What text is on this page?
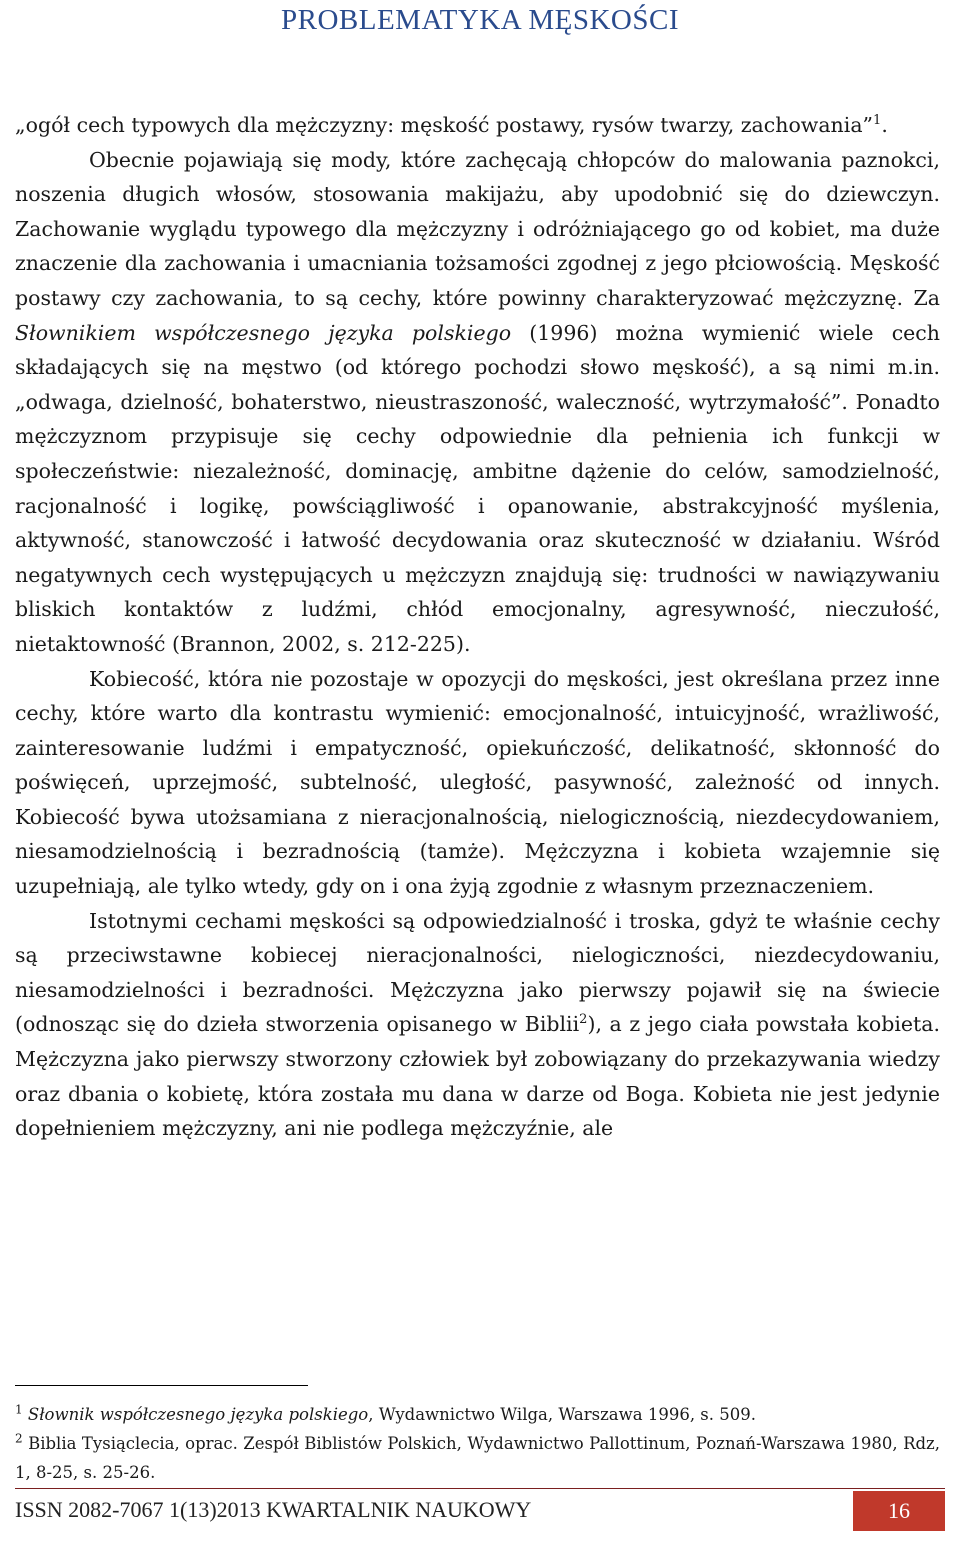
PROBLEMATYKA MĘSKOŚCI

„ogół cech typowych dla mężczyzny: męskość postawy, rysów twarzy, zachowania”$^1$.

Obecnie pojawiają się mody, które zachęcają chłopców do malowania paznokci, noszenia długich włosów, stosowania makijażu, aby upodobnić się do dziewczyn. Zachowanie wyglądu typowego dla mężczyzny i odróżniającego go od kobiet, ma duże znaczenie dla zachowania i umacniania tożsamości zgodnej z jego płciowością. Męskość postawy czy zachowania, to są cechy, które powinny charakteryzować mężczyznę. Za Słownikiem współczesnego języka polskiego (1996) można wymienić wiele cech składających się na męstwo (od którego pochodzi słowo męskość), a są nimi m.in. „odwaga, dzielność, bohaterstwo, nieustraszoność, waleczność, wytrzymałość”. Ponadto mężczyznom przypisuje się cechy odpowiednie dla pełnienia ich funkcji w społeczeństwie: niezależność, dominację, ambitne dążenie do celów, samodzielność, racjonalność i logikę, powściągliwość i opanowanie, abstrakcyjność myślenia, aktywność, stanowczość i łatwość decydowania oraz skuteczność w działaniu. Wśród negatywnych cech występujących u mężczyzn znajdują się: trudności w nawiązywaniu bliskich kontaktów z ludźmi, chłód emocjonalny, agresywność, nieczułość, nietaktowność (Brannon, 2002, s. 212-225).

Kobiecość, która nie pozostaje w opozycji do męskości, jest określana przez inne cechy, które warto dla kontrastu wymienić: emocjonalność, intuicyjność, wrażliwość, zainteresowanie ludźmi i empatyczność, opiekuńczość, delikatność, skłonność do poświęceń, uprzejmość, subtelność, uległość, pasywność, zależność od innych. Kobiecość bywa utożsamiana z nieracjonalnością, nielogicznością, niezdecydowaniem, niesamodzielnością i bezradnością (tamże). Mężczyzna i kobieta wzajemnie się uzupełniają, ale tylko wtedy, gdy on i ona żyją zgodnie z własnym przeznaczeniem.

Istotnymi cechami męskości są odpowiedzialność i troska, gdyż te właśnie cechy są przeciwstawne kobiecej nieracjonalności, nielogiczności, niezdecydowaniu, niesamodzielności i bezradności. Mężczyzna jako pierwszy pojawił się na świecie (odnosząc się do dzieła stworzenia opisanego w Biblii$^2$), a z jego ciała powstała kobieta. Mężczyzna jako pierwszy stworzony człowiek był zobowiązany do przekazywania wiedzy oraz dbania o kobietę, która została mu dana w darze od Boga. Kobieta nie jest jedynie dopełnieniem mężczyzny, ani nie podlega mężczyźnie, ale

$^1$ Słownik współczesnego języka polskiego, Wydawnictwo Wilga, Warszawa 1996, s. 509.

$^2$ Biblia Tysiąclecia, oprac. Zespół Biblistów Polskich, Wydawnictwo Pallottinum, Poznań-Warszawa 1980, Rdz, 1, 8-25, s. 25-26.

ISSN 2082-7067 1(13)2013 KWARTALNIK NAUKOWY	16
